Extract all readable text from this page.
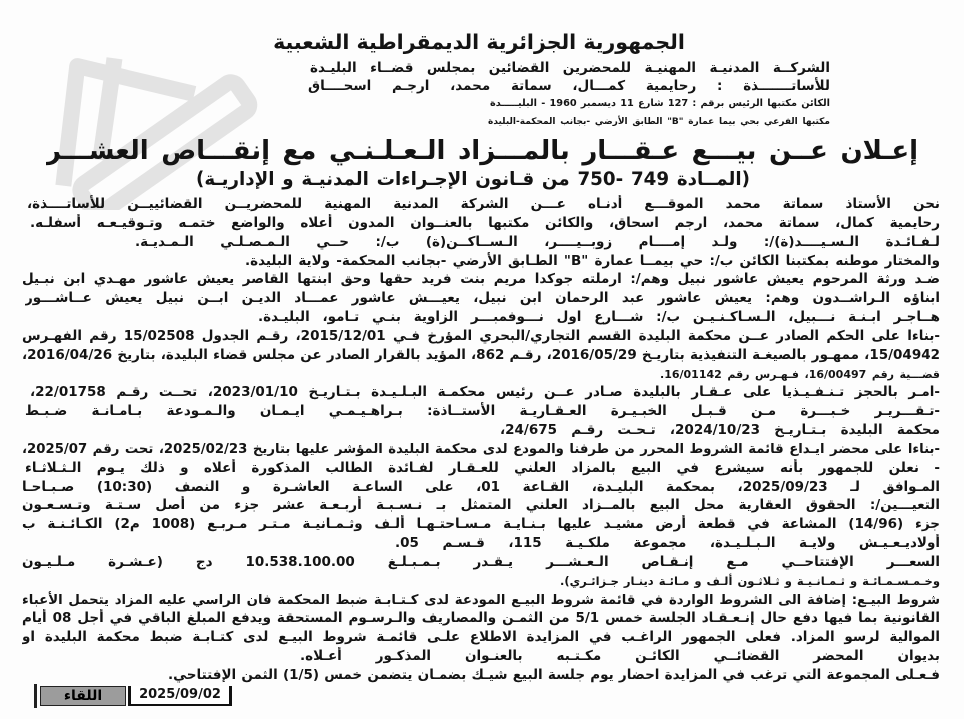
الجمهورية الجزائرية الديمقراطية الشعبية
الشركــة المدنيـة المهنيـة للمحضرين القضائين بمجلس قضــاء البليـدة
للأساتـــــــذة : رحايمية كمـــال، سماتة محمد، ارجـم اسحــــاق
الكائن مكتبها الرئيس برقم : 127 شارع 11 ديسمبر 1960 - البليـــــدة
مكتبها الفرعي بحي بيما عمارة "B" الطابق الأرضي -بجانب المحكمة-البليدة
إعـلان عــن بيـــع عـقـــار بالمـــزاد الـعـلـنـي مع إنقـــاص العشـــر
(المــادة 749 -750 من قـانون الإجـراءات المدنيـة و الإداريـة)
نحن الأستاذ سماتة محمد الموقـــع أدنـاه عـــن الشركة المدنية المهنية للمحضريــن القضائييــن للأساتــــذة،
رحايمية كمال، سماتة محمد، ارجم اسحاق، والكائن مكتبها بالعنــوان المدون أعلاه والواضع ختمـه وتـوقيـعـه أسفلـه.
لـفـائـدة الـسـيــــد(ة)/: ولـد إمــــام زوبــيــــر، الـســاكــن(ة) ب/: حــي الـمـصـلـي الـمـديـة.
والمختار موطنه بمكتبنا الكائن ب/: حي بيمــا عمارة "B" الطـابق الأرضي -بجانب المحكمة- ولاية البليدة.
ضـد ورثة المرحوم يعيش عاشور نبيل وهم/: ارملته جوكدا مريم بنت فريد حقها وحق ابنتها القاصر يعيش عاشور مهـدي ابن نبـيل
ابناؤه الـراشــدون وهم: يعيش عاشور عبد الرحمان ابن نبيل، يعيـــش عاشور عمـــاد الديـن ابــن نبيل يعيش عــاشـــور
هــاجـر ابـنـة نـــبيل، الـسـاكـنـيـن ب/: شـــارع اول نـــوفمبـــر الزاوية بنـي تـامو، البليـدة.
-بناءا على الحكم الصادر عــن محكمة البليدة القسم التجاري/البحري المؤرخ فـي 2015/12/01، رقـم الجدول 15/02508 رقم الفهـرس
15/04942، ممهـور بالصيغـة التنفيذية بتاريـخ 2016/05/29، رقـم 862، المؤيد بالقرار الصادر عن مجلس قضاء البليدة، بتاريخ 2016/04/26،
قضـــية رقم 16/00497، فـهـرس رقم 16/01142.
-امـر بالحجز تـنـفـيـذيا على عـقـار بالبليدة صـادر عــن رئيس محكمـة البـلـيـدة بـتـاريـخ 2023/01/10، تحــت رقـم 22/01758،
-تـقـــريـر خـبـــرة مـن قـبـل الخبـيـرة العـقـاريـة الأستــاذة: بـراهـيـمـي ايـمـان والـمـودعة بـامـانـة ضـبـط
محكمة البليدة بـتـاريـخ 2024/10/23، تـحـت رقـم 24/675،
-بناءا على محضر ايـداع قائمة الشروط المحرر من طرفنا والمودع لدى محكمة البليدة المؤشر عليها بتاريخ 2025/02/23، تحت رقم 2025/07،
- نعلن للجمهور بأنه سيشرع في البيع بالمزاد العلني للعـقـار لفـائدة الطالب المذكورة أعلاه و ذلك يـوم الـثـلاثـاء
المـوافق لـ 2025/09/23، بمحكمة البليـدة، القـاعة 01، على الساعـة العاشـرة و النصف (10:30) صـبـاحـا
التعيـــين/: الحقوق العقارية محل البيع بالمــزاد العلني المتمثل بـ نـسـبـة أربـعـة عشر جزء من أصل سـتـة وتـسـعـون
جزء (14/96) المشاعة في قطعة أرض مشيـد عليها بـنـايـة مـسـاحتـهـا ألـف وثـمـانيـة مـتـر مـربـع (1008 م2) الكـائـنـة ب
أولاديـعـيـش ولايـة الـبـلـيـدة، مجموعة ملكـيـة 115، قـسـم 05.
السعـــر الإفتتاحــي مـع إنـقـاص الـعـشـــر يـقـدر بـمـبـلـغ 10.538.100.00 دج (عـشـرة مـلـيـون
وخـمـسـمـائـة و ثـمـانـيـة و ثـلاثـون ألـف و مـائـة دينـار جـزائـري).
شروط البيـع: إضافة الى الشروط الواردة في قائمة شروط البيـع المودعة لدى كـتـابـة ضبط المحكمة فان الراسي عليه المزاد يتحمل الأعباء
القانونية بما فيها دفع حال إنـعـقـاد الجلسة خمس 5/1 من الثمـن والمصاريف والـرسـوم المستحقة ويدفع المبلغ الباقي في أجل 08 أيام
الموالية لرسو المزاد. فعلى الجمهور الراغـب في المزايدة الاطلاع علـى قائمـة شروط البيـع لدى كتـابـة ضبط محكمة البليدة او
بديوان المحضر القضائــي الكائـن مكـتـبه بالعنـوان المذكـور أعـلاه.
فـعـلى المجموعة التي ترغب في المزايدة احضار يوم جلسة البيع شيـك بضمـان يتضمن خمس (1/5) الثمن الإفتتاحي.
اللقاء	2025/09/02
